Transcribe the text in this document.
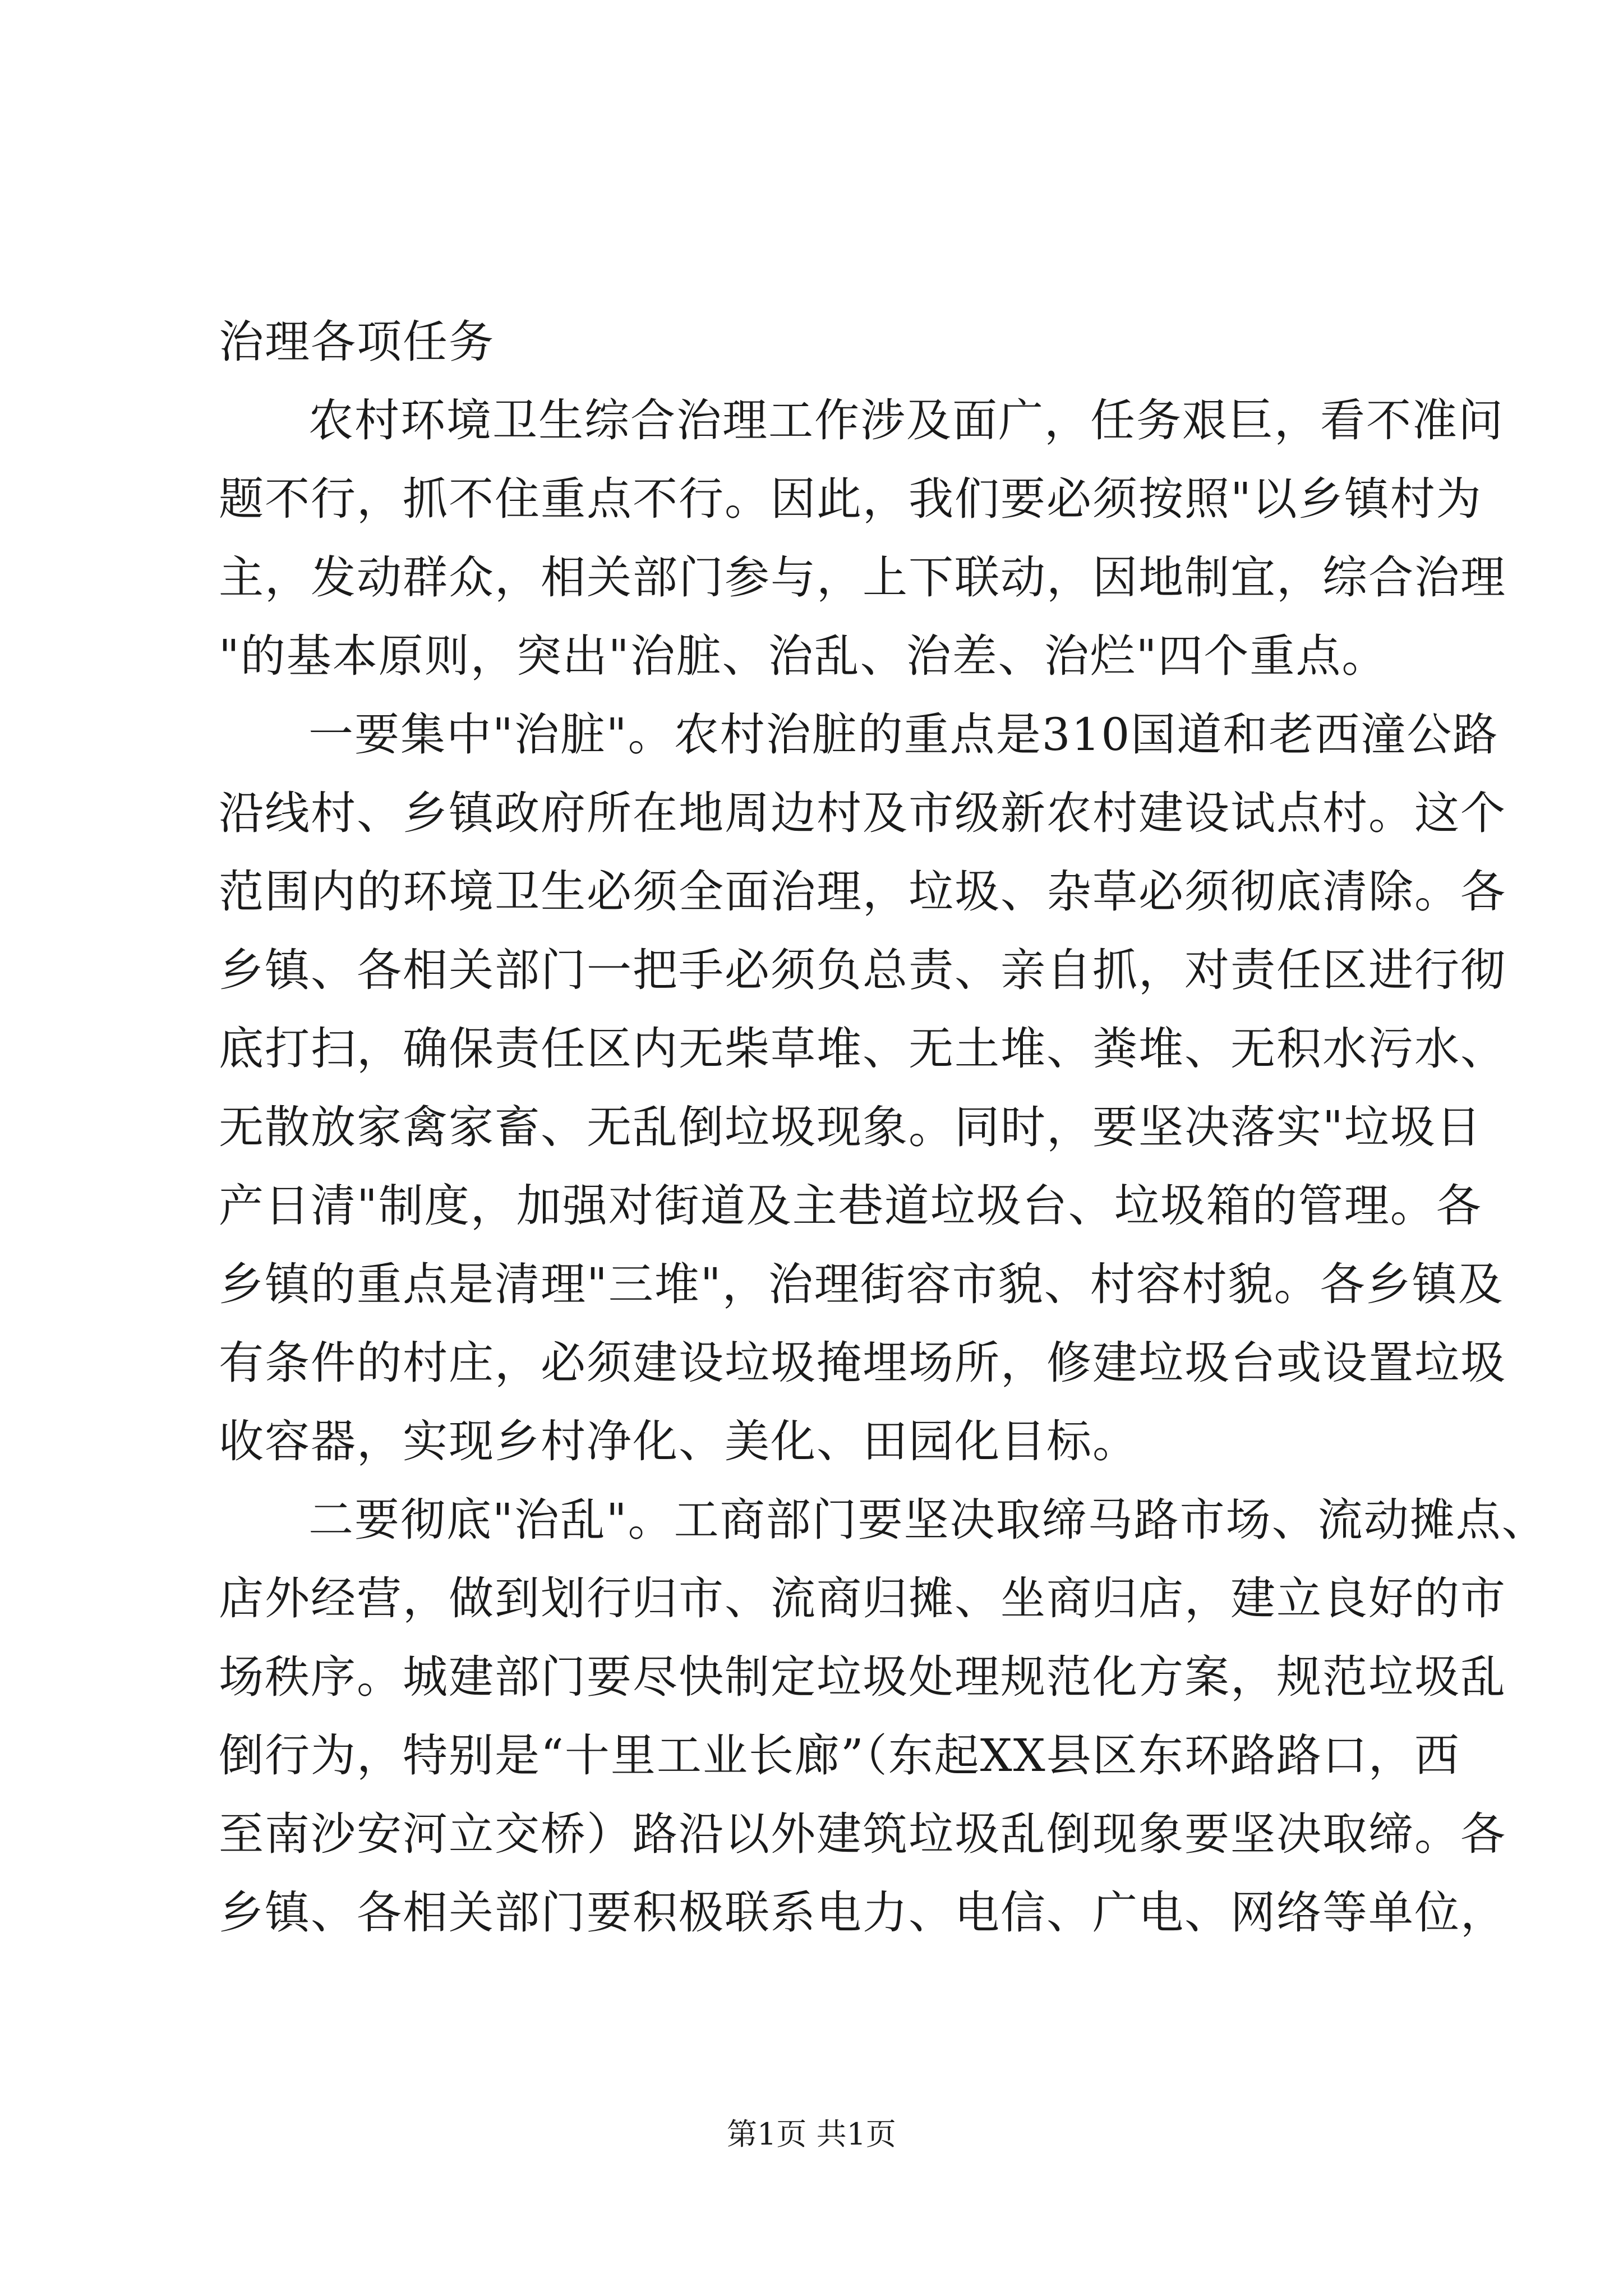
治理各项任务
农村环境卫生综合治理工作涉及面广，任务艰巨，看不准问
题不行，抓不住重点不行。因此，我们要必须按照"以乡镇村为
主，发动群众，相关部门参与，上下联动，因地制宜，综合治理
"的基本原则，突出"治脏、治乱、治差、治烂"四个重点。
一要集中"治脏"。农村治脏的重点是310国道和老西潼公路
沿线村、乡镇政府所在地周边村及市级新农村建设试点村。这个
范围内的环境卫生必须全面治理，垃圾、杂草必须彻底清除。各
乡镇、各相关部门一把手必须负总责、亲自抓，对责任区进行彻
底打扫，确保责任区内无柴草堆、无土堆、粪堆、无积水污水、
无散放家禽家畜、无乱倒垃圾现象。同时，要坚决落实"垃圾日
产日清"制度，加强对街道及主巷道垃圾台、垃圾箱的管理。各
乡镇的重点是清理"三堆"，治理街容市貌、村容村貌。各乡镇及
有条件的村庄，必须建设垃圾掩埋场所，修建垃圾台或设置垃圾
收容器，实现乡村净化、美化、田园化目标。
二要彻底"治乱"。工商部门要坚决取缔马路市场、流动摊点、
店外经营，做到划行归市、流商归摊、坐商归店，建立良好的市
场秩序。城建部门要尽快制定垃圾处理规范化方案，规范垃圾乱
倒行为，特别是“十里工业长廊”（东起XX县区东环路路口，西
至南沙安河立交桥）路沿以外建筑垃圾乱倒现象要坚决取缔。各
乡镇、各相关部门要积极联系电力、电信、广电、网络等单位，
第1页 共1页
